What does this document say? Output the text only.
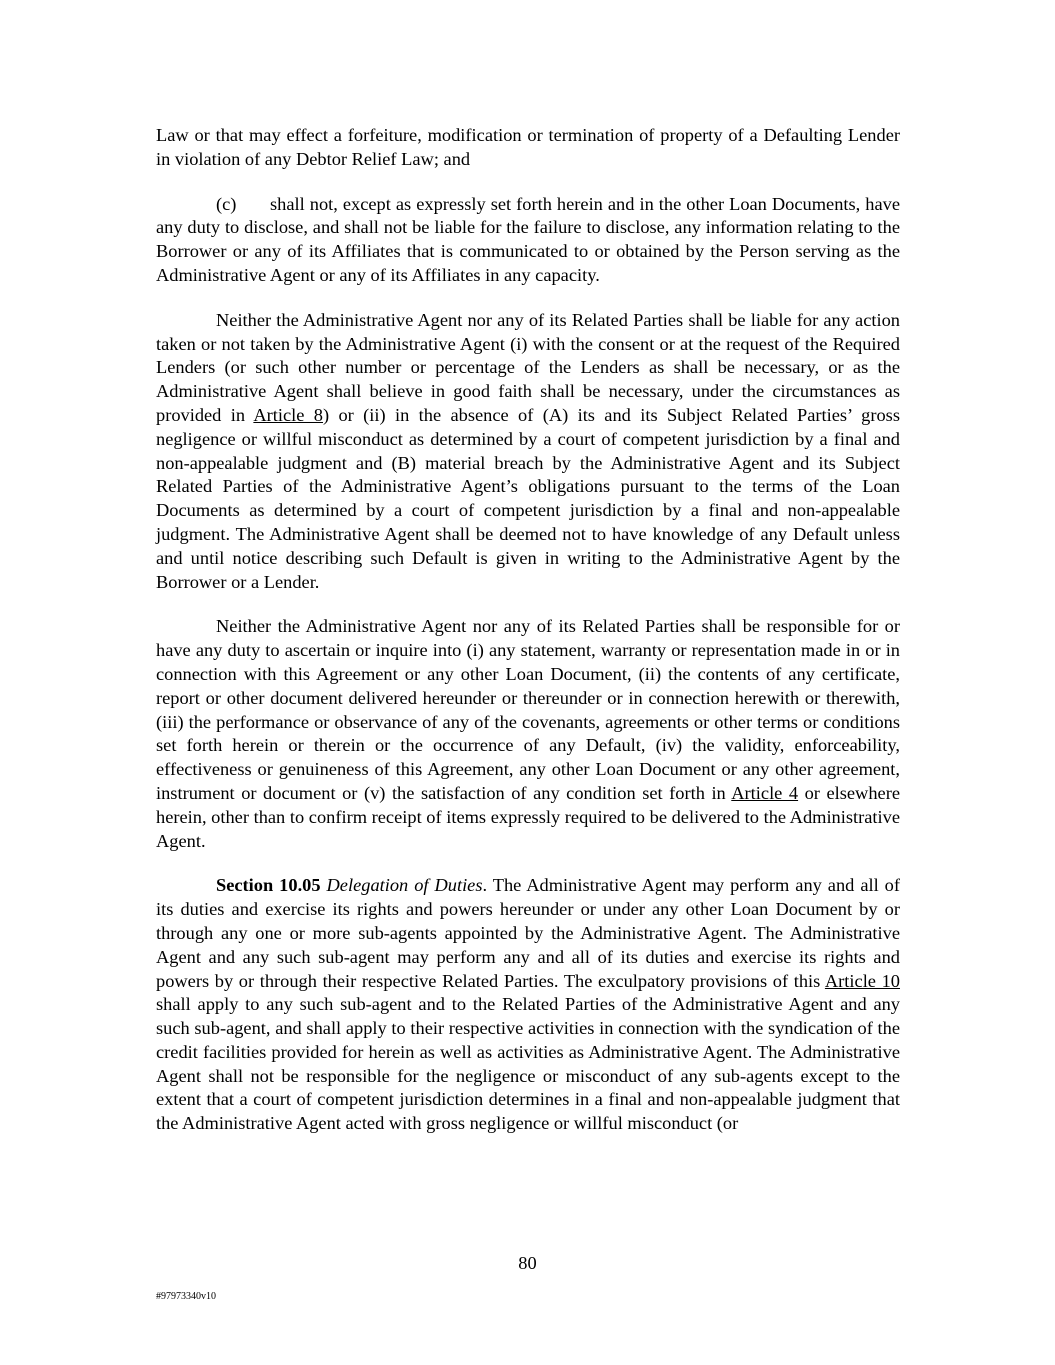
Law or that may effect a forfeiture, modification or termination of property of a Defaulting Lender in violation of any Debtor Relief Law; and

(c) shall not, except as expressly set forth herein and in the other Loan Documents, have any duty to disclose, and shall not be liable for the failure to disclose, any information relating to the Borrower or any of its Affiliates that is communicated to or obtained by the Person serving as the Administrative Agent or any of its Affiliates in any capacity.

Neither the Administrative Agent nor any of its Related Parties shall be liable for any action taken or not taken by the Administrative Agent (i) with the consent or at the request of the Required Lenders (or such other number or percentage of the Lenders as shall be necessary, or as the Administrative Agent shall believe in good faith shall be necessary, under the circumstances as provided in Article 8) or (ii) in the absence of (A) its and its Subject Related Parties’ gross negligence or willful misconduct as determined by a court of competent jurisdiction by a final and non-appealable judgment and (B) material breach by the Administrative Agent and its Subject Related Parties of the Administrative Agent’s obligations pursuant to the terms of the Loan Documents as determined by a court of competent jurisdiction by a final and non-appealable judgment. The Administrative Agent shall be deemed not to have knowledge of any Default unless and until notice describing such Default is given in writing to the Administrative Agent by the Borrower or a Lender.

Neither the Administrative Agent nor any of its Related Parties shall be responsible for or have any duty to ascertain or inquire into (i) any statement, warranty or representation made in or in connection with this Agreement or any other Loan Document, (ii) the contents of any certificate, report or other document delivered hereunder or thereunder or in connection herewith or therewith, (iii) the performance or observance of any of the covenants, agreements or other terms or conditions set forth herein or therein or the occurrence of any Default, (iv) the validity, enforceability, effectiveness or genuineness of this Agreement, any other Loan Document or any other agreement, instrument or document or (v) the satisfaction of any condition set forth in Article 4 or elsewhere herein, other than to confirm receipt of items expressly required to be delivered to the Administrative Agent.

Section 10.05 Delegation of Duties. The Administrative Agent may perform any and all of its duties and exercise its rights and powers hereunder or under any other Loan Document by or through any one or more sub-agents appointed by the Administrative Agent. The Administrative Agent and any such sub-agent may perform any and all of its duties and exercise its rights and powers by or through their respective Related Parties. The exculpatory provisions of this Article 10 shall apply to any such sub-agent and to the Related Parties of the Administrative Agent and any such sub-agent, and shall apply to their respective activities in connection with the syndication of the credit facilities provided for herein as well as activities as Administrative Agent. The Administrative Agent shall not be responsible for the negligence or misconduct of any sub-agents except to the extent that a court of competent jurisdiction determines in a final and non-appealable judgment that the Administrative Agent acted with gross negligence or willful misconduct (or

80
#97973340v10
